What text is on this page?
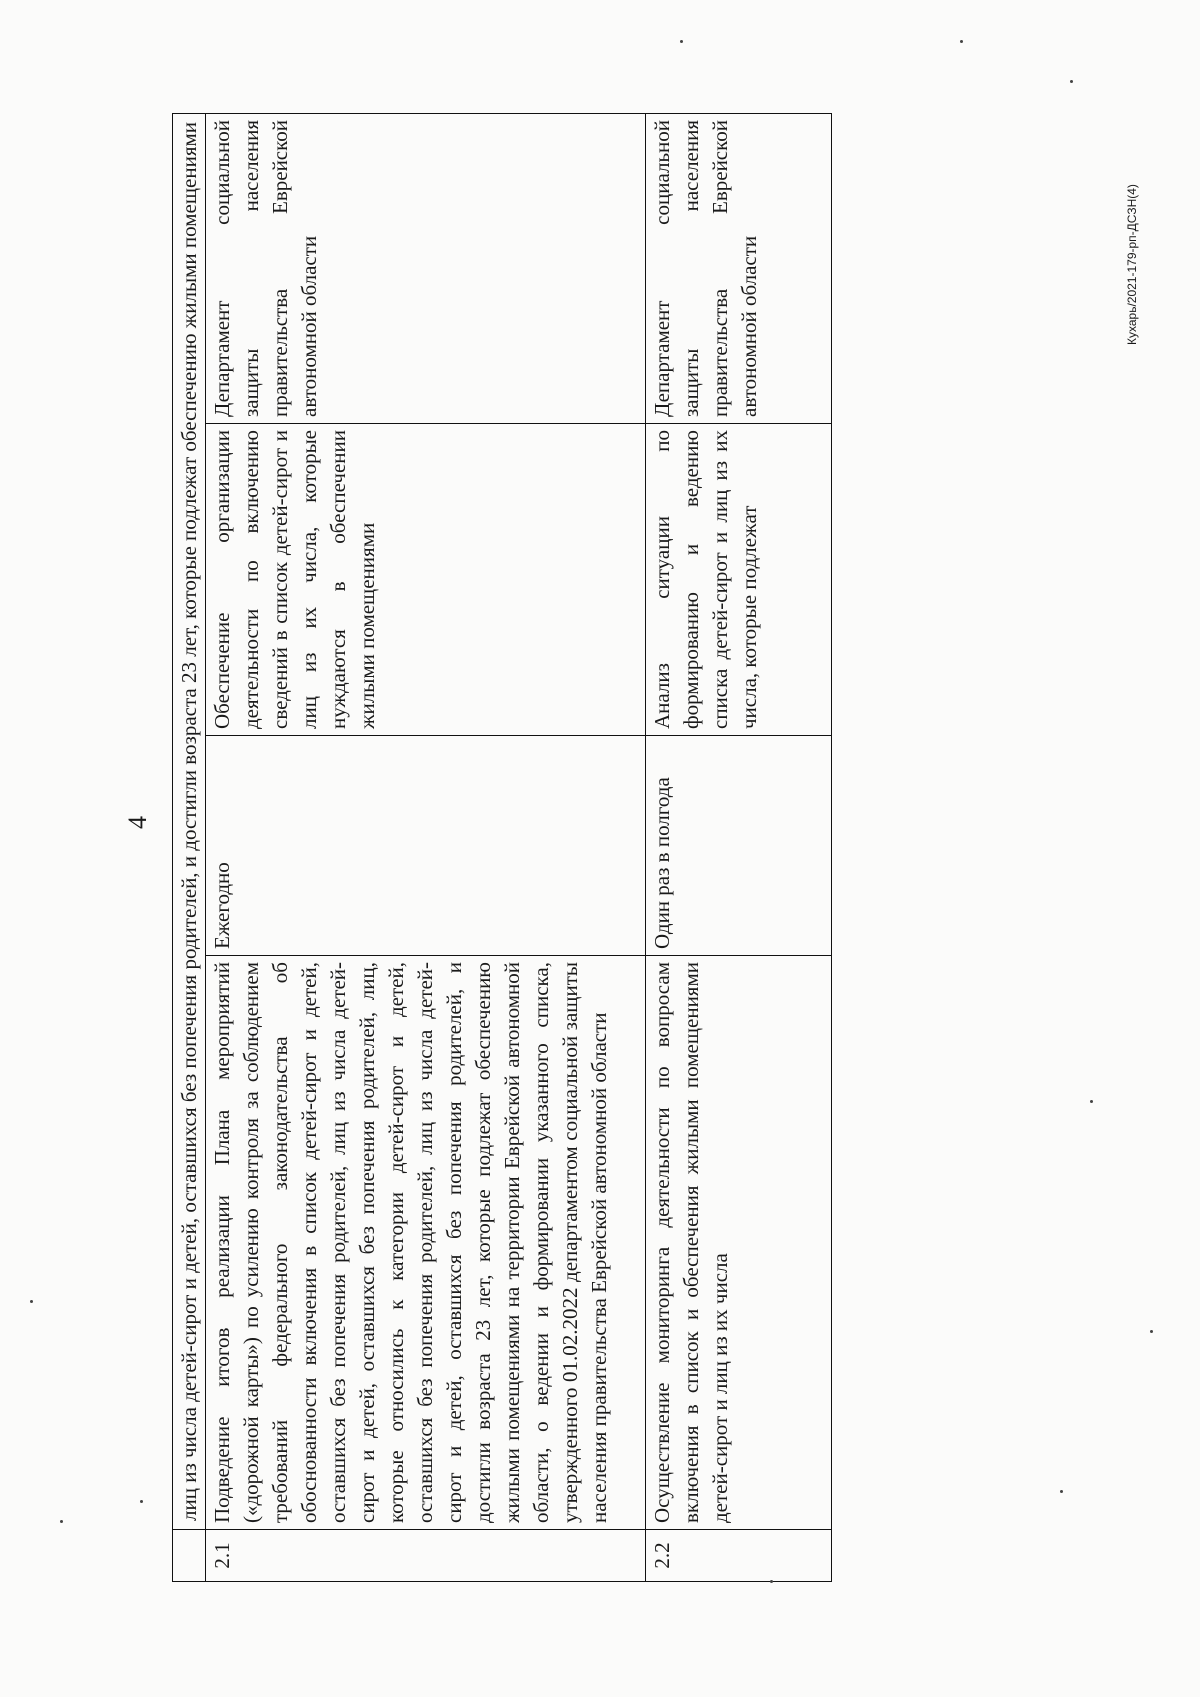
4
Кухарь/2021-179-рп-ДСЗН(4)
	лиц из числа детей-сирот и детей, оставшихся без попечения родителей, и достигли возраста 23 лет, которые подлежат обеспечению жилыми помещениями			
2.1	Подведение итогов реализации Плана мероприятий («дорожной карты») по усилению контроля за соблюдением требований федерального законодательства об обоснованности включения в список детей-сирот и детей, оставшихся без попечения родителей, лиц из числа детей-сирот и детей, оставшихся без попечения родителей, лиц, которые относились к категории детей-сирот и детей, оставшихся без попечения родителей, лиц из числа детей-сирот и детей, оставшихся без попечения родителей, и достигли возраста 23 лет, которые подлежат обеспечению жилыми помещениями на территории Еврейской автономной области, о ведении и формировании указанного списка, утвержденного 01.02.2022 департаментом социальной защиты населения правительства Еврейской автономной области	Ежегодно	Обеспечение организации деятельности по включению сведений в список детей-сирот и лиц из их числа, которые нуждаются в обеспечении жилыми помещениями	Департамент социальной защиты населения правительства Еврейской автономной области
2.2	Осуществление мониторинга деятельности по вопросам включения в список и обеспечения жилыми помещениями детей-сирот и лиц из их числа	Один раз в полгода	Анализ ситуации по формированию и ведению списка детей-сирот и лиц из их числа, которые подлежат	Департамент социальной защиты населения правительства Еврейской автономной области
